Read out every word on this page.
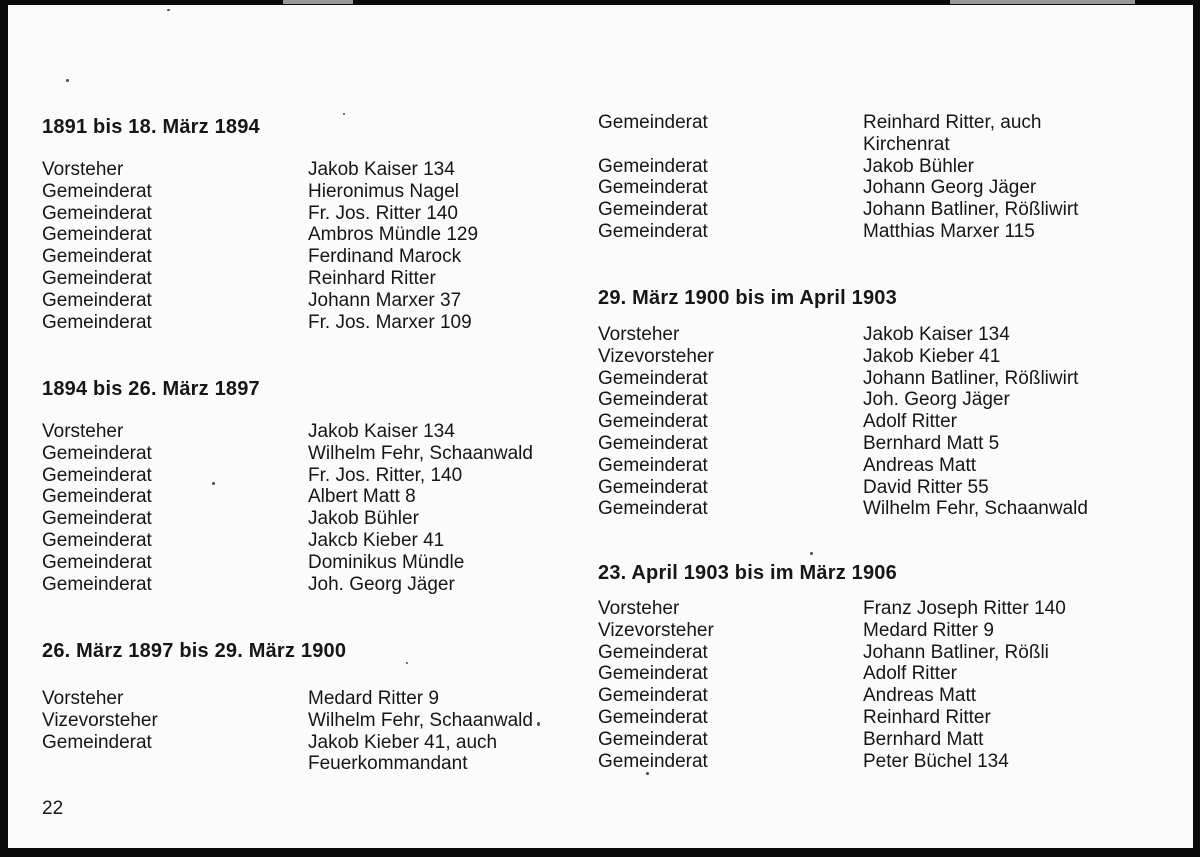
1891 bis 18. März 1894
Vorsteher	Jakob Kaiser 134
Gemeinderat	Hieronimus Nagel
Gemeinderat	Fr. Jos. Ritter 140
Gemeinderat	Ambros Mündle 129
Gemeinderat	Ferdinand Marock
Gemeinderat	Reinhard Ritter
Gemeinderat	Johann Marxer 37
Gemeinderat	Fr. Jos. Marxer 109
1894 bis 26. März 1897
Vorsteher	Jakob Kaiser 134
Gemeinderat	Wilhelm Fehr, Schaanwald
Gemeinderat	Fr. Jos. Ritter, 140
Gemeinderat	Albert Matt 8
Gemeinderat	Jakob Bühler
Gemeinderat	Jakcb Kieber 41
Gemeinderat	Dominikus Mündle
Gemeinderat	Joh. Georg Jäger
26. März 1897 bis 29. März 1900
Vorsteher	Medard Ritter 9
Vizevorsteher	Wilhelm Fehr, Schaanwald
Gemeinderat	Jakob Kieber 41, auch
Feuerkommandant
Gemeinderat	Reinhard Ritter, auch
Kirchenrat
Gemeinderat	Jakob Bühler
Gemeinderat	Johann Georg Jäger
Gemeinderat	Johann Batliner, Rößliwirt
Gemeinderat	Matthias Marxer 115
29. März 1900 bis im April 1903
Vorsteher	Jakob Kaiser 134
Vizevorsteher	Jakob Kieber 41
Gemeinderat	Johann Batliner, Rößliwirt
Gemeinderat	Joh. Georg Jäger
Gemeinderat	Adolf Ritter
Gemeinderat	Bernhard Matt 5
Gemeinderat	Andreas Matt
Gemeinderat	David Ritter 55
Gemeinderat	Wilhelm Fehr, Schaanwald
23. April 1903 bis im März 1906
Vorsteher	Franz Joseph Ritter 140
Vizevorsteher	Medard Ritter 9
Gemeinderat	Johann Batliner, Rößli
Gemeinderat	Adolf Ritter
Gemeinderat	Andreas Matt
Gemeinderat	Reinhard Ritter
Gemeinderat	Bernhard Matt
Gemeinderat	Peter Büchel 134
22
